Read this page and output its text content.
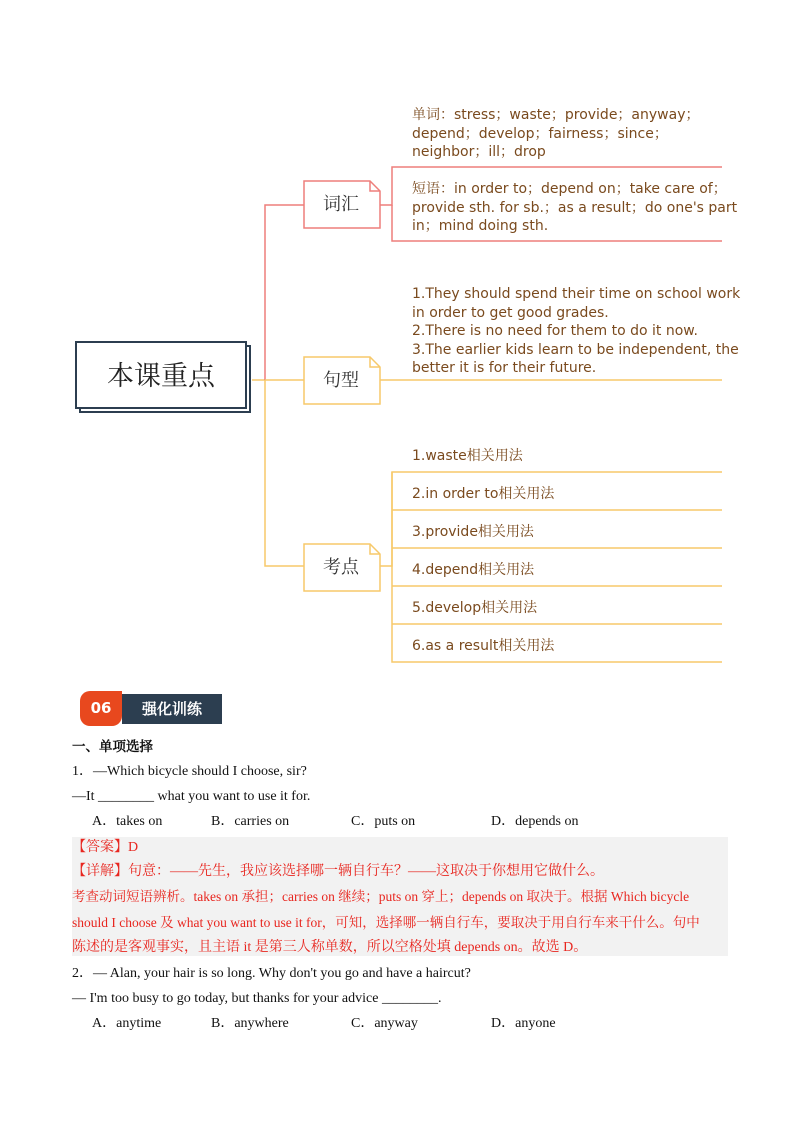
本课重点
词汇
句型
考点
单词：stress；waste；provide；anyway；
depend；develop；fairness；since；
neighbor；ill；drop
短语：in order to；depend on；take care of；
provide sth. for sb.；as a result；do one's part
in；mind doing sth.
1.They should spend their time on school work
in order to get good grades.
2.There is no need for them to do it now.
3.The earlier kids learn to be independent, the
better it is for their future.
1.waste相关用法
2.in order to相关用法
3.provide相关用法
4.depend相关用法
5.develop相关用法
6.as a result相关用法
强化训练
06
一、单项选择
1．—Which bicycle should I choose, sir?
—It ________ what you want to use it for.
A．takes on	B．carries on	C．puts on	D．depends on
【答案】D
【详解】句意：——先生，我应该选择哪一辆自行车？——这取决于你想用它做什么。
考查动词短语辨析。takes on 承担；carries on 继续；puts on 穿上；depends on 取决于。根据 Which bicycle
should I choose 及 what you want to use it for，可知，选择哪一辆自行车，要取决于用自行车来干什么。句中
陈述的是客观事实，且主语 it 是第三人称单数，所以空格处填 depends on。故选 D。
2．— Alan, your hair is so long. Why don't you go and have a haircut?
— I'm too busy to go today, but thanks for your advice ________.
A．anytime	B．anywhere	C．anyway	D．anyone
